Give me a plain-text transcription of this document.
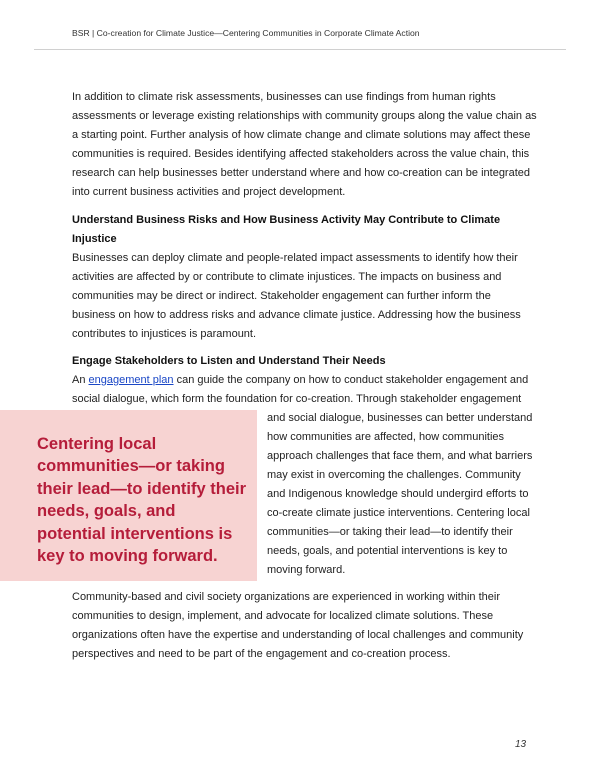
BSR | Co-creation for Climate Justice—Centering Communities in Corporate Climate Action

In addition to climate risk assessments, businesses can use findings from human rights assessments or leverage existing relationships with community groups along the value chain as a starting point. Further analysis of how climate change and climate solutions may affect these communities is required. Besides identifying affected stakeholders across the value chain, this research can help businesses better understand where and how co-creation can be integrated into current business activities and project development.

Understand Business Risks and How Business Activity May Contribute to Climate Injustice

Businesses can deploy climate and people-related impact assessments to identify how their activities are affected by or contribute to climate injustices. The impacts on business and communities may be direct or indirect. Stakeholder engagement can further inform the business on how to address risks and advance climate justice. Addressing how the business contributes to injustices is paramount.

Engage Stakeholders to Listen and Understand Their Needs

An engagement plan can guide the company on how to conduct stakeholder engagement and social dialogue, which form the foundation for co-creation. Through stakeholder engagement

Centering local communities—or taking their lead—to identify their needs, goals, and potential interventions is key to moving forward.

and social dialogue, businesses can better understand how communities are affected, how communities approach challenges that face them, and what barriers may exist in overcoming the challenges. Community and Indigenous knowledge should undergird efforts to co-create climate justice interventions. Centering local communities—or taking their lead—to identify their needs, goals, and potential interventions is key to moving forward.

Community-based and civil society organizations are experienced in working within their communities to design, implement, and advocate for localized climate solutions. These organizations often have the expertise and understanding of local challenges and community perspectives and need to be part of the engagement and co-creation process.

13
